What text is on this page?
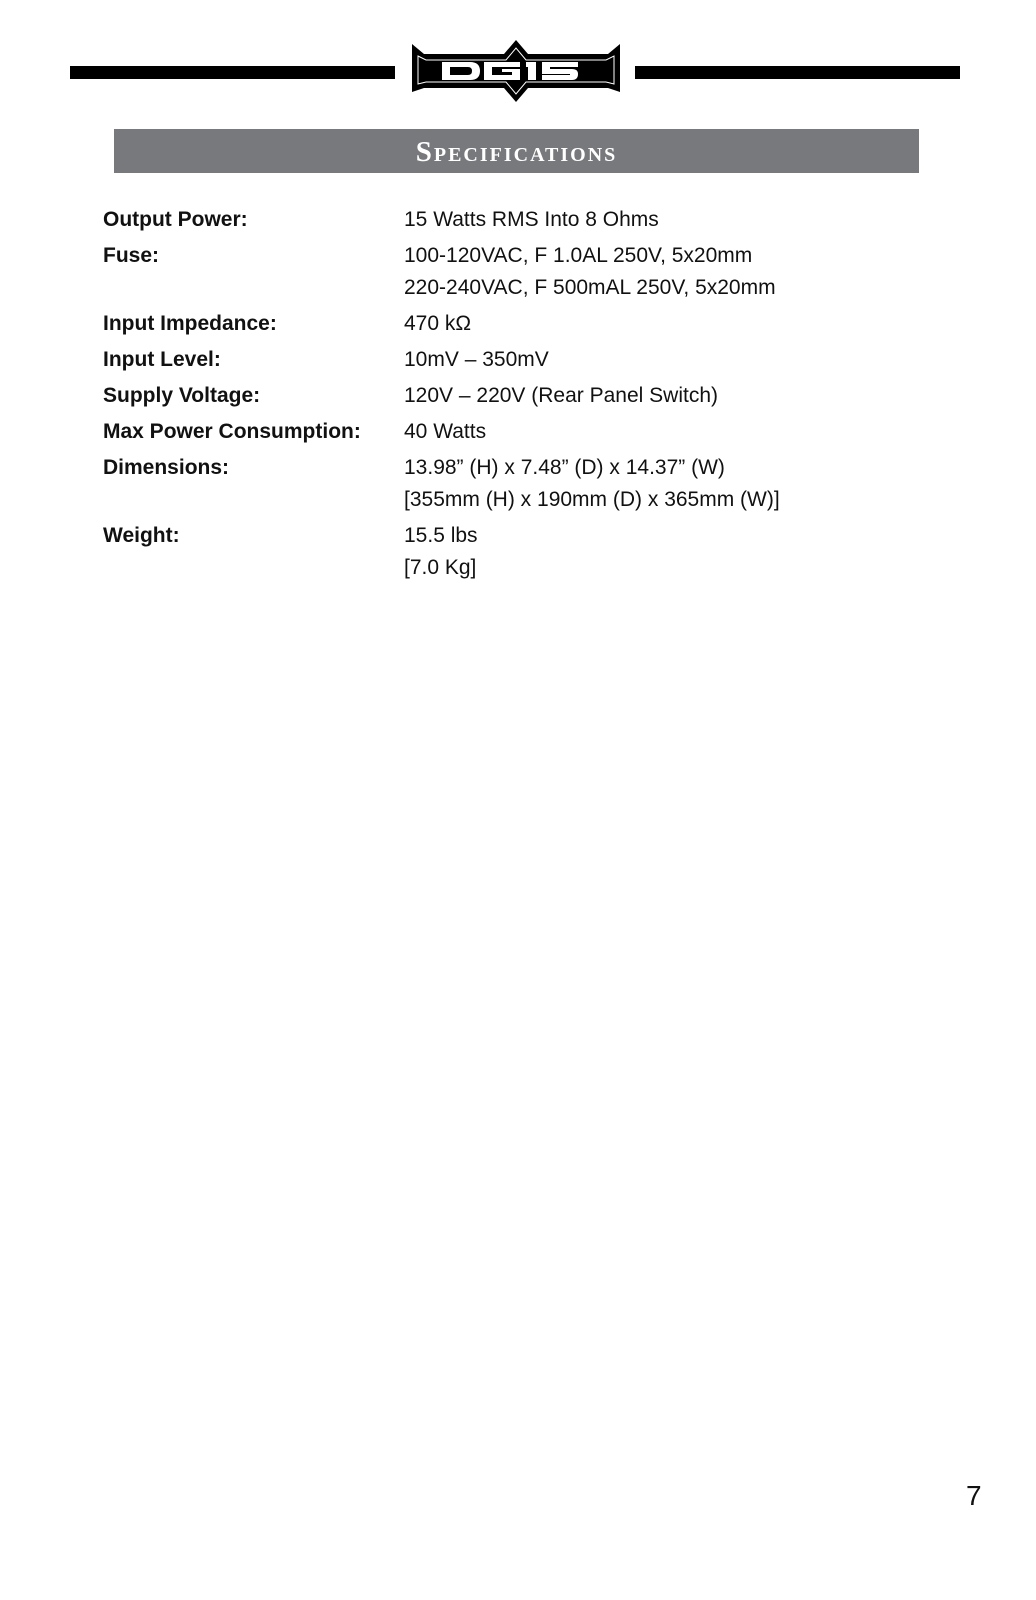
Specifications
Output Power:	15 Watts RMS Into 8 Ohms
Fuse:	100-120VAC, F 1.0AL 250V, 5x20mm
220-240VAC, F 500mAL 250V, 5x20mm
Input Impedance:	470 kΩ
Input Level:	10mV – 350mV
Supply Voltage:	120V – 220V (Rear Panel Switch)
Max Power Consumption:	40 Watts
Dimensions:	13.98” (H) x 7.48” (D) x 14.37” (W)
[355mm (H) x 190mm (D) x 365mm (W)]
Weight:	15.5 lbs
[7.0 Kg]
7
